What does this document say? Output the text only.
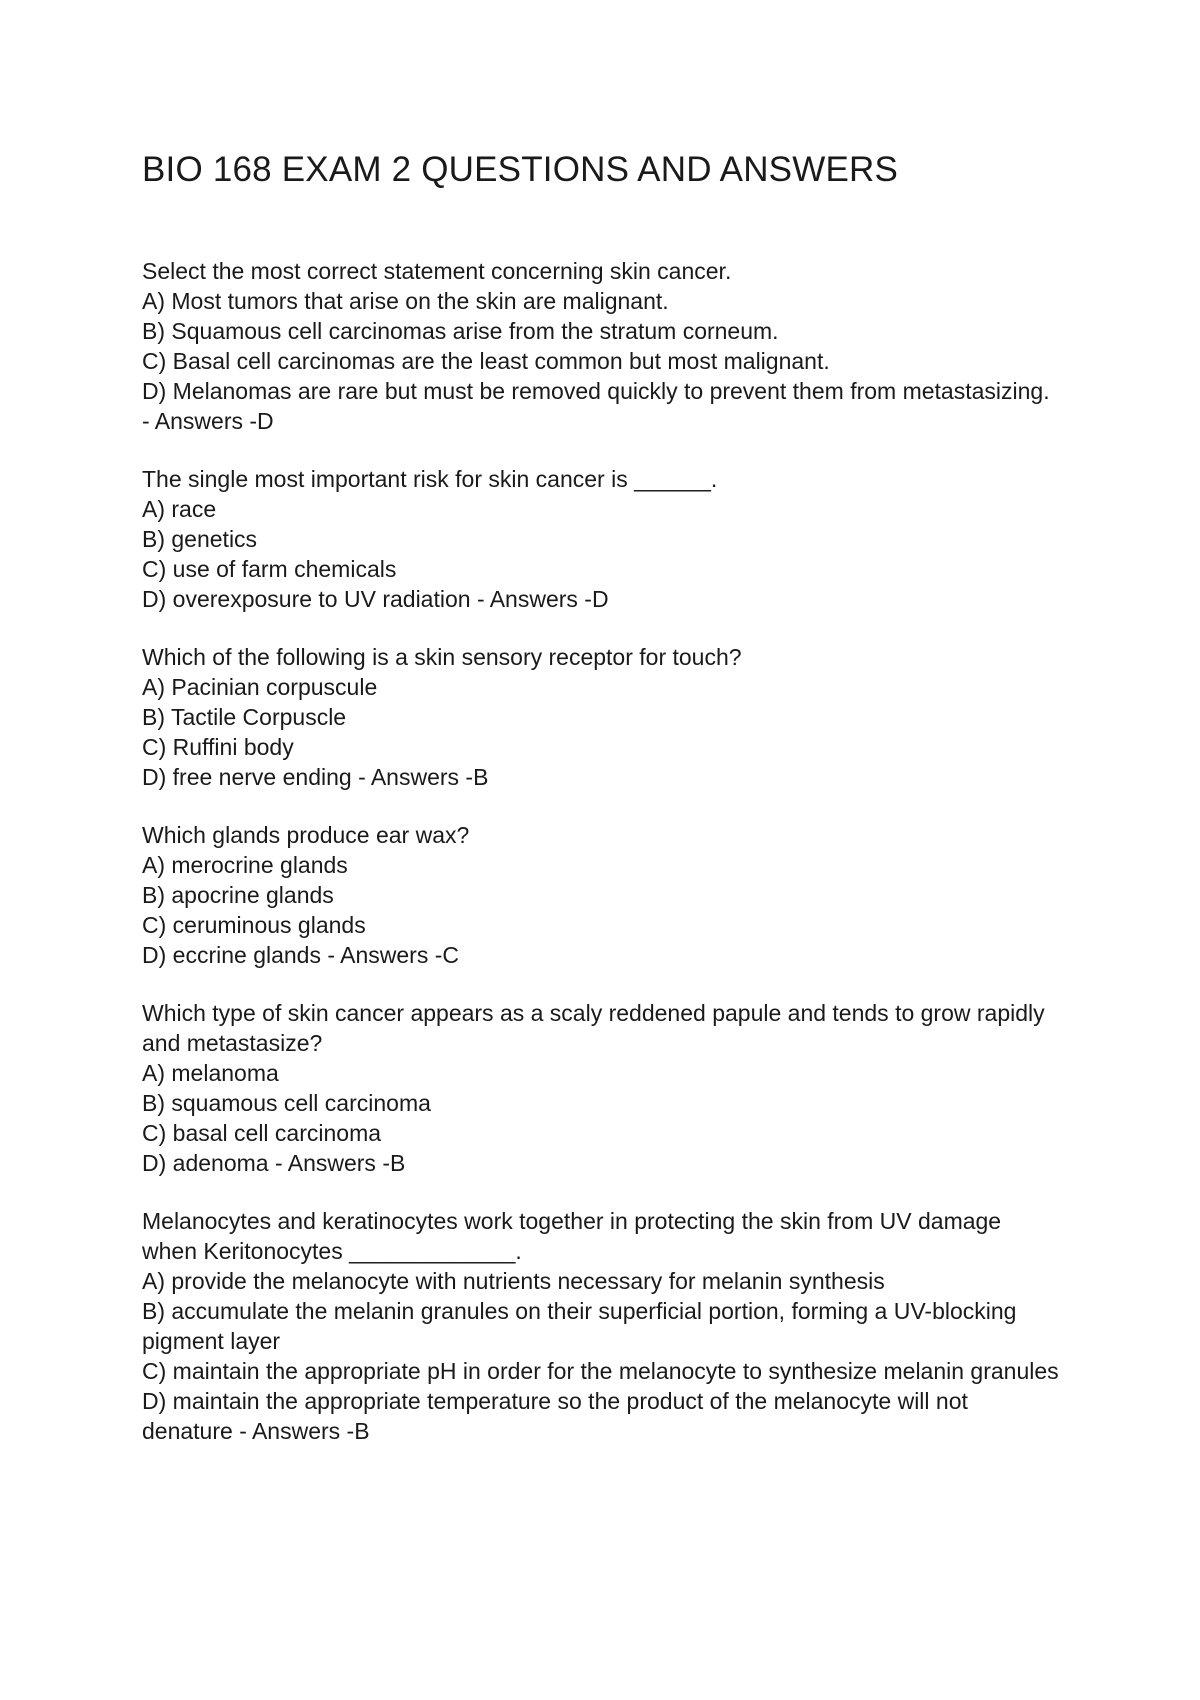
BIO 168 EXAM 2 QUESTIONS AND ANSWERS
Select the most correct statement concerning skin cancer.
A) Most tumors that arise on the skin are malignant.
B) Squamous cell carcinomas arise from the stratum corneum.
C) Basal cell carcinomas are the least common but most malignant.
D) Melanomas are rare but must be removed quickly to prevent them from metastasizing. - Answers -D
The single most important risk for skin cancer is ______.
A) race
B) genetics
C) use of farm chemicals
D) overexposure to UV radiation - Answers -D
Which of the following is a skin sensory receptor for touch?
A) Pacinian corpuscule
B) Tactile Corpuscle
C) Ruffini body
D) free nerve ending - Answers -B
Which glands produce ear wax?
A) merocrine glands
B) apocrine glands
C) ceruminous glands
D) eccrine glands - Answers -C
Which type of skin cancer appears as a scaly reddened papule and tends to grow rapidly and metastasize?
A) melanoma
B) squamous cell carcinoma
C) basal cell carcinoma
D) adenoma - Answers -B
Melanocytes and keratinocytes work together in protecting the skin from UV damage when Keritonocytes _____________.
A) provide the melanocyte with nutrients necessary for melanin synthesis
B) accumulate the melanin granules on their superficial portion, forming a UV-blocking pigment layer
C) maintain the appropriate pH in order for the melanocyte to synthesize melanin granules
D) maintain the appropriate temperature so the product of the melanocyte will not denature - Answers -B
